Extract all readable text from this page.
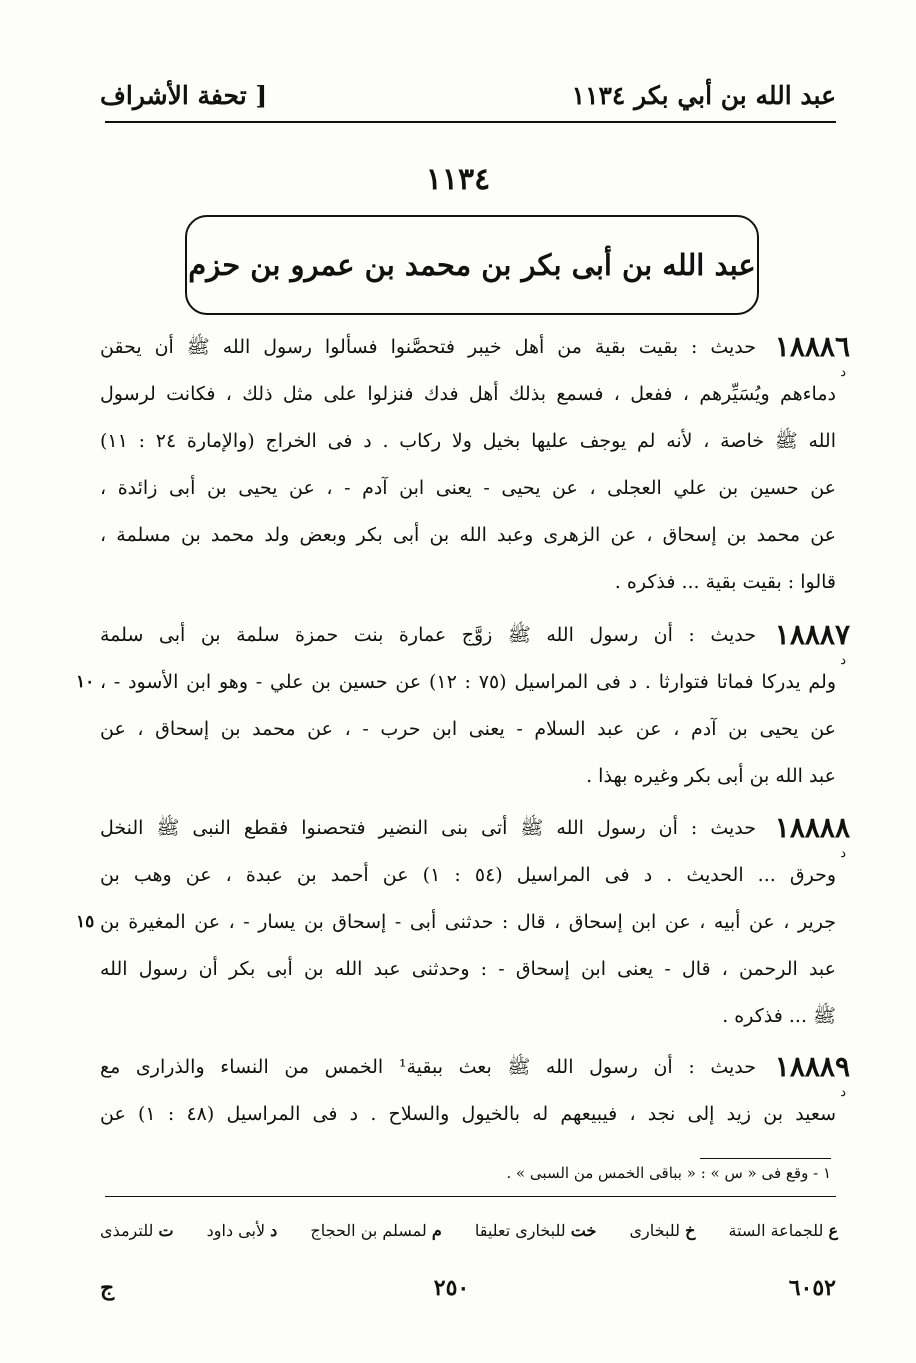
عبد الله بن أبي بكر ١١٣٤
[ تحفة الأشراف
١١٣٤
عبد الله بن أبى بكر بن محمد بن عمرو بن حزم
١٨٨٨٦
د
حديث : بقيت بقية من أهل خيبر فتحصَّنوا فسألوا رسول الله ﷺ أن يحقن
دماءهم ويُسَيِّرهم ، ففعل ، فسمع بذلك أهل فدك فنزلوا على مثل ذلك ، فكانت لرسول
الله ﷺ خاصة ، لأنه لم يوجف عليها بخيل ولا ركاب . د فى الخراج (والإمارة ٢٤ : ١١)
عن حسين بن علي العجلى ، عن يحيى - يعنى ابن آدم - ، عن يحيى بن أبى زائدة ،
عن محمد بن إسحاق ، عن الزهرى وعبد الله بن أبى بكر وبعض ولد محمد بن مسلمة ،
قالوا : بقيت بقية ... فذكره .
١٨٨٨٧
د
١٠
حديث : أن رسول الله ﷺ زوَّج عمارة بنت حمزة سلمة بن أبى سلمة
ولم يدركا فماتا فتوارثا . د فى المراسيل (٧٥ : ١٢) عن حسين بن علي - وهو ابن الأسود - ،
عن يحيى بن آدم ، عن عبد السلام - يعنى ابن حرب - ، عن محمد بن إسحاق ، عن
عبد الله بن أبى بكر وغيره بهذا .
١٨٨٨٨
د
١٥
حديث : أن رسول الله ﷺ أتى بنى النضير فتحصنوا فقطع النبى ﷺ النخل
وحرق ... الحديث . د فى المراسيل (٥٤ : ١) عن أحمد بن عبدة ، عن وهب بن
جرير ، عن أبيه ، عن ابن إسحاق ، قال : حدثنى أبى - إسحاق بن يسار - ، عن المغيرة بن
عبد الرحمن ، قال - يعنى ابن إسحاق - : وحدثنى عبد الله بن أبى بكر أن رسول الله
ﷺ ... فذكره .
١٨٨٨٩
د
حديث : أن رسول الله ﷺ بعث ببقية¹ الخمس من النساء والذرارى مع
سعيد بن زيد إلى نجد ، فيبيعهم له بالخيول والسلاح . د فى المراسيل (٤٨ : ١) عن
١ - وقع فى « س » : « بباقى الخمس من السبى » .
ع للجماعة الستة
خ للبخارى
خت للبخارى تعليقا
م لمسلم بن الحجاج
د لأبى داود
ت للترمذى
٦٠٥٢
٢٥٠
ج
